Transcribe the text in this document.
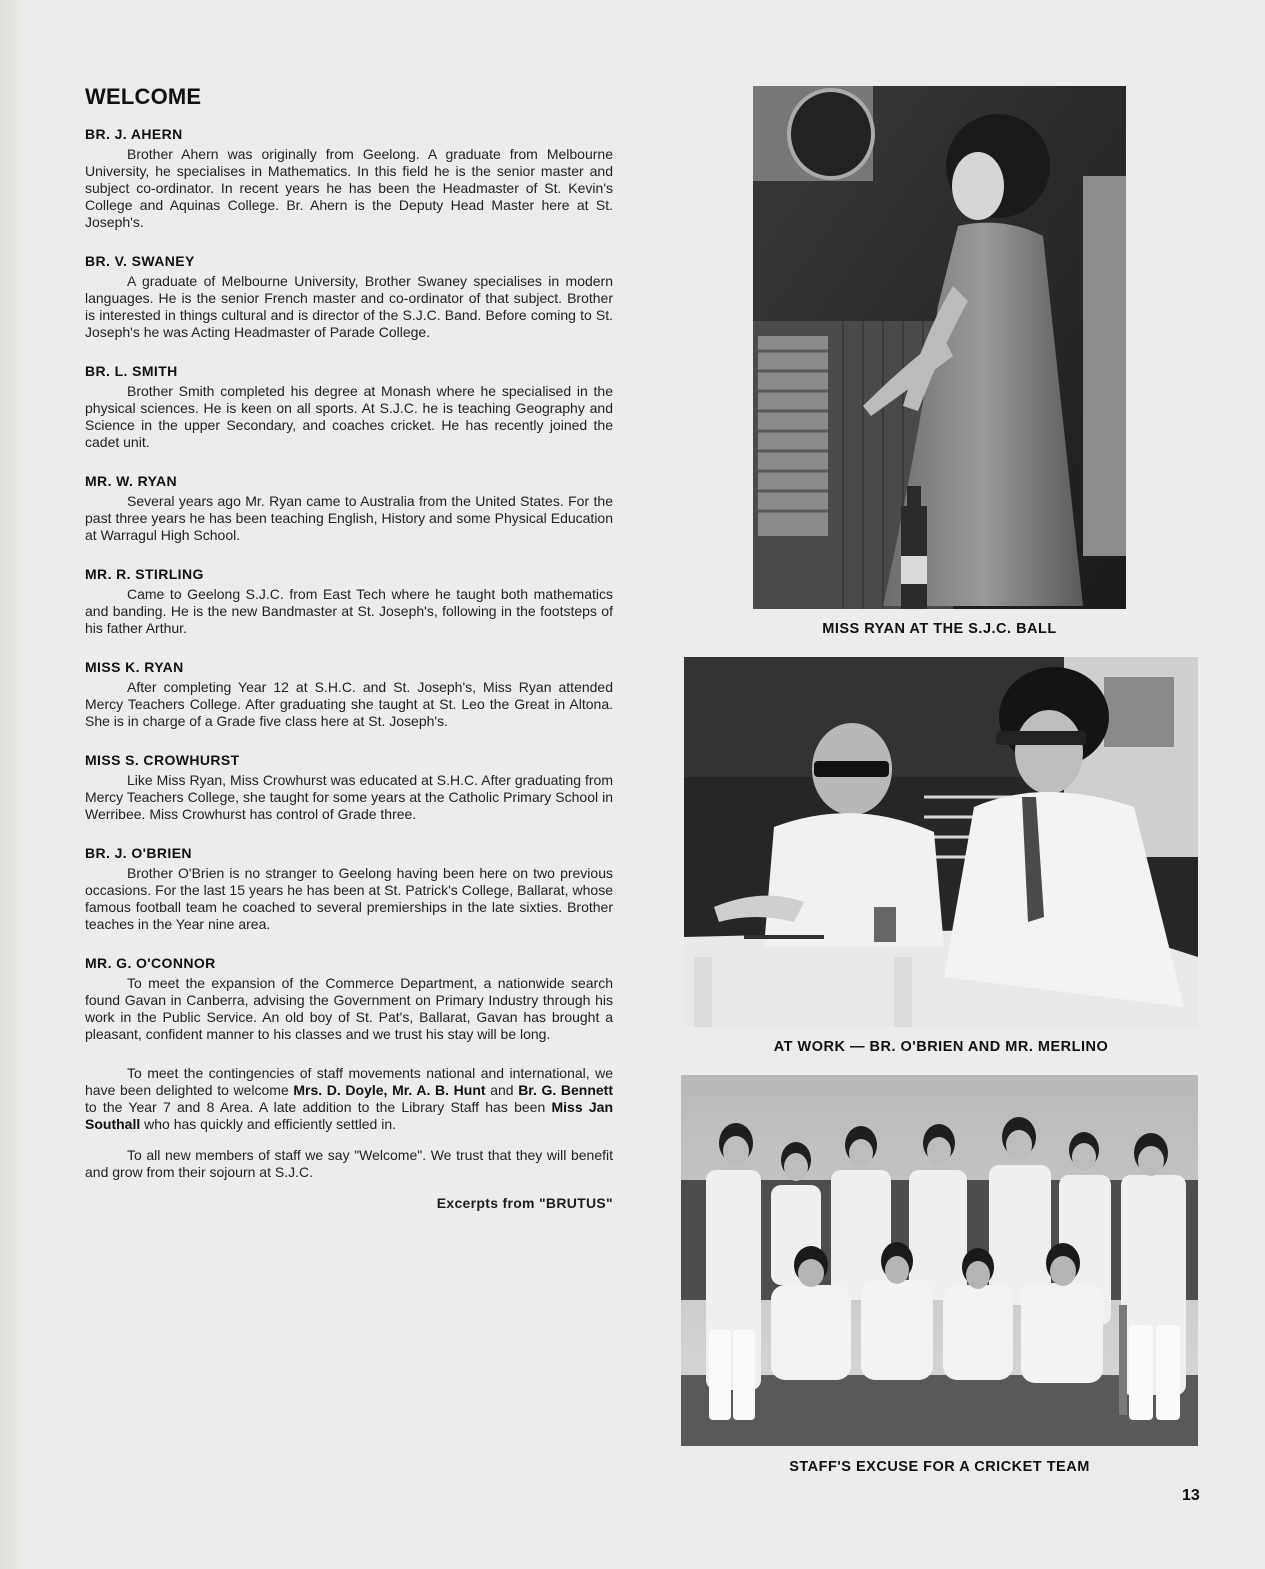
WELCOME
BR. J. AHERN

Brother Ahern was originally from Geelong. A graduate from Melbourne University, he specialises in Mathematics. In this field he is the senior master and subject co-ordinator. In recent years he has been the Headmaster of St. Kevin's College and Aquinas College. Br. Ahern is the Deputy Head Master here at St. Joseph's.

BR. V. SWANEY

A graduate of Melbourne University, Brother Swaney specialises in modern languages. He is the senior French master and co-ordinator of that subject. Brother is interested in things cultural and is director of the S.J.C. Band. Before coming to St. Joseph's he was Acting Headmaster of Parade College.

BR. L. SMITH

Brother Smith completed his degree at Monash where he specialised in the physical sciences. He is keen on all sports. At S.J.C. he is teaching Geography and Science in the upper Secondary, and coaches cricket. He has recently joined the cadet unit.

MR. W. RYAN

Several years ago Mr. Ryan came to Australia from the United States. For the past three years he has been teaching English, History and some Physical Education at Warragul High School.

MR. R. STIRLING

Came to Geelong S.J.C. from East Tech where he taught both mathematics and banding. He is the new Bandmaster at St. Joseph's, following in the footsteps of his father Arthur.

MISS K. RYAN

After completing Year 12 at S.H.C. and St. Joseph's, Miss Ryan attended Mercy Teachers College. After graduating she taught at St. Leo the Great in Altona. She is in charge of a Grade five class here at St. Joseph's.

MISS S. CROWHURST

Like Miss Ryan, Miss Crowhurst was educated at S.H.C. After graduating from Mercy Teachers College, she taught for some years at the Catholic Primary School in Werribee. Miss Crowhurst has control of Grade three.

BR. J. O'BRIEN

Brother O'Brien is no stranger to Geelong having been here on two previous occasions. For the last 15 years he has been at St. Patrick's College, Ballarat, whose famous football team he coached to several premierships in the late sixties. Brother teaches in the Year nine area.

MR. G. O'CONNOR

To meet the expansion of the Commerce Department, a nationwide search found Gavan in Canberra, advising the Government on Primary Industry through his work in the Public Service. An old boy of St. Pat's, Ballarat, Gavan has brought a pleasant, confident manner to his classes and we trust his stay will be long.

To meet the contingencies of staff movements national and international, we have been delighted to welcome Mrs. D. Doyle, Mr. A. B. Hunt and Br. G. Bennett to the Year 7 and 8 Area. A late addition to the Library Staff has been Miss Jan Southall who has quickly and efficiently settled in.

To all new members of staff we say "Welcome". We trust that they will benefit and grow from their sojourn at S.J.C.

Excerpts from "BRUTUS"
MISS RYAN AT THE S.J.C. BALL
AT WORK — BR. O'BRIEN AND MR. MERLINO
STAFF'S EXCUSE FOR A CRICKET TEAM
13
